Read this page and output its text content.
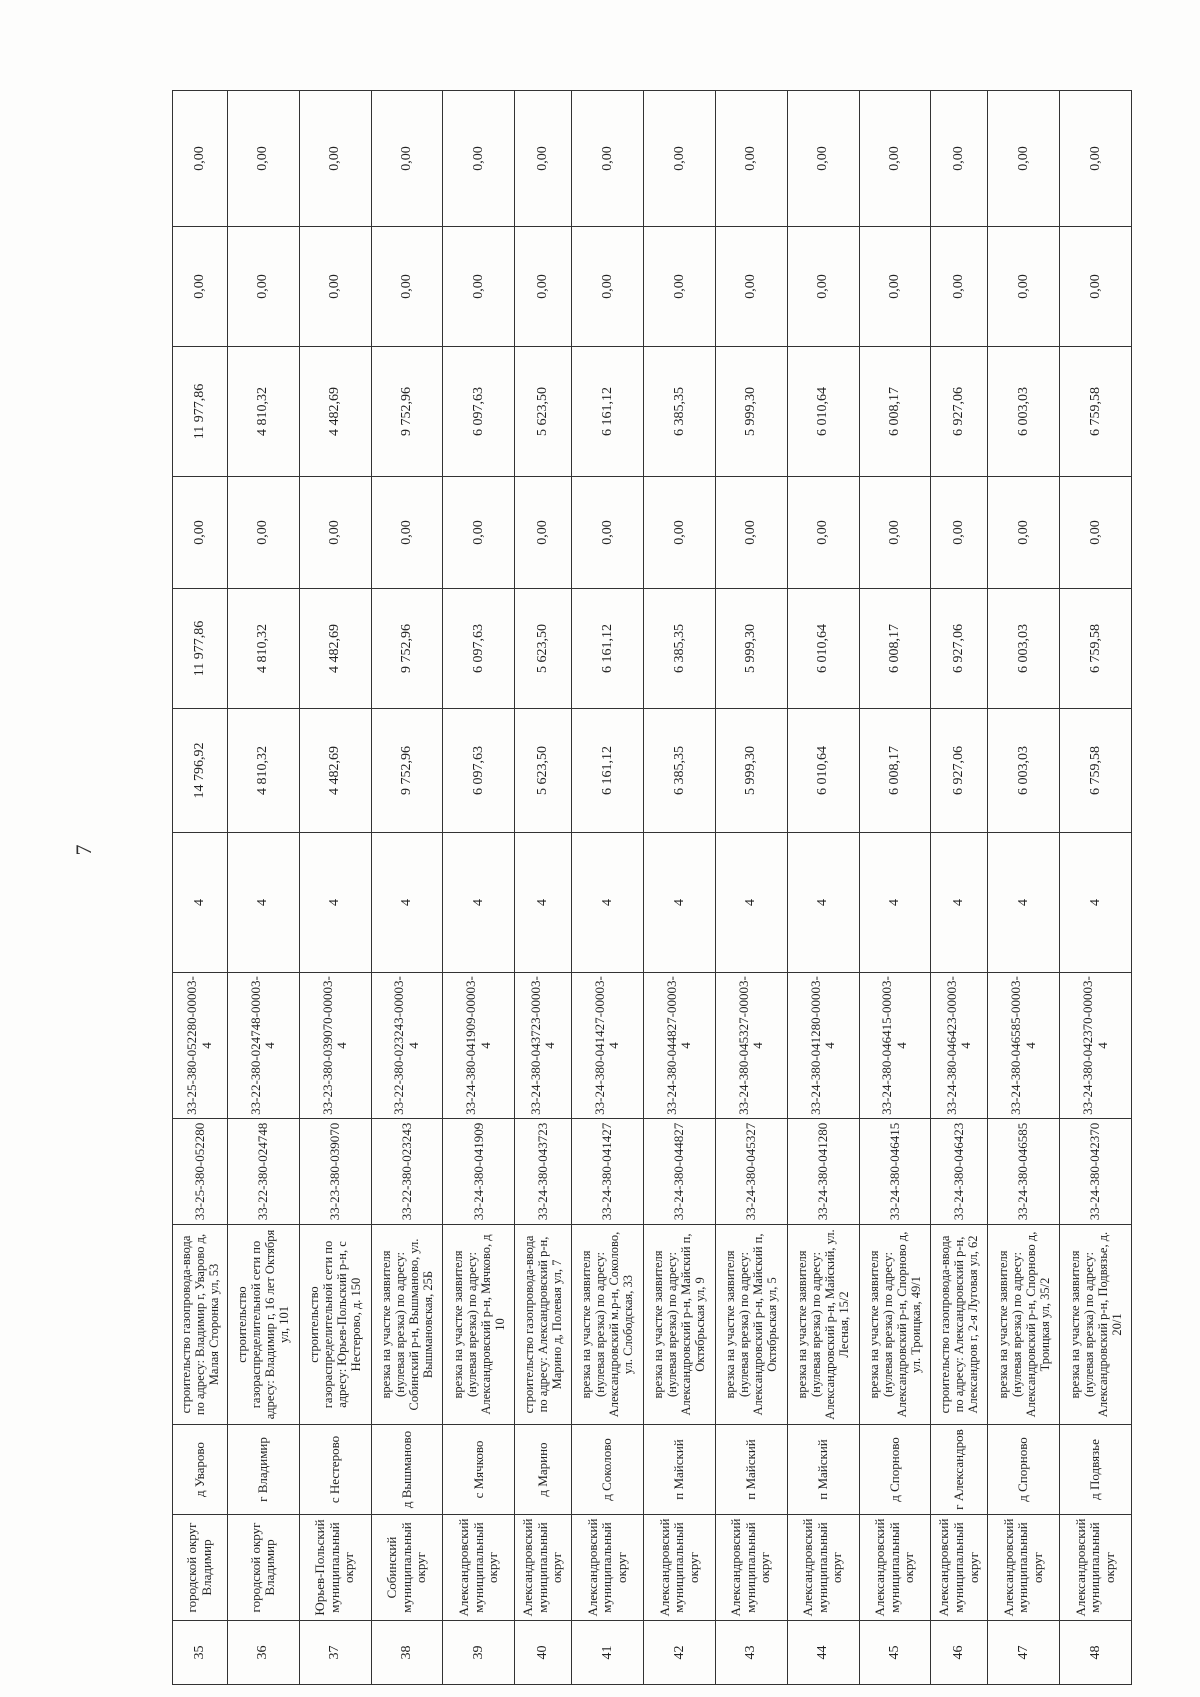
7
35	городской округ Владимир	д Уварово	строительство газопровода-ввода по адресу: Владимир г, Уварово д, Малая Сторонка ул, 53	33-25-380-052280	33-25-380-052280-00003-4	4	14 796,92	11 977,86	0,00	11 977,86	0,00	0,00
36	городской округ Владимир	г Владимир	строительство газораспределительной сети по адресу: Владимир г, 16 лет Октября ул, 101	33-22-380-024748	33-22-380-024748-00003-4	4	4 810,32	4 810,32	0,00	4 810,32	0,00	0,00
37	Юрьев-Польский муниципальный округ	с Нестерово	строительство газораспределительной сети по адресу: Юрьев-Польский р-н, с Нестерово, д. 150	33-23-380-039070	33-23-380-039070-00003-4	4	4 482,69	4 482,69	0,00	4 482,69	0,00	0,00
38	Собинский муниципальный округ	д Вышманово	врезка на участке заявителя (нулевая врезка) по адресу: Собинский р-н, Вышманово, ул. Вышмановская, 25Б	33-22-380-023243	33-22-380-023243-00003-4	4	9 752,96	9 752,96	0,00	9 752,96	0,00	0,00
39	Александровский муниципальный округ	с Мячково	врезка на участке заявителя (нулевая врезка) по адресу: Александровский р-н, Мячково, д 10	33-24-380-041909	33-24-380-041909-00003-4	4	6 097,63	6 097,63	0,00	6 097,63	0,00	0,00
40	Александровский муниципальный округ	д Марино	строительство газопровода-ввода по адресу: Александровский р-н, Марино д, Полевая ул, 7	33-24-380-043723	33-24-380-043723-00003-4	4	5 623,50	5 623,50	0,00	5 623,50	0,00	0,00
41	Александровский муниципальный округ	д Соколово	врезка на участке заявителя (нулевая врезка) по адресу: Александровский м.р-н, Соколово, ул. Слободская, 33	33-24-380-041427	33-24-380-041427-00003-4	4	6 161,12	6 161,12	0,00	6 161,12	0,00	0,00
42	Александровский муниципальный округ	п Майский	врезка на участке заявителя (нулевая врезка) по адресу: Александровский р-н, Майский п, Октябрьская ул, 9	33-24-380-044827	33-24-380-044827-00003-4	4	6 385,35	6 385,35	0,00	6 385,35	0,00	0,00
43	Александровский муниципальный округ	п Майский	врезка на участке заявителя (нулевая врезка) по адресу: Александровский р-н, Майский п, Октябрьская ул, 5	33-24-380-045327	33-24-380-045327-00003-4	4	5 999,30	5 999,30	0,00	5 999,30	0,00	0,00
44	Александровский муниципальный округ	п Майский	врезка на участке заявителя (нулевая врезка) по адресу: Александровский р-н, Майский, ул. Лесная, 15/2	33-24-380-041280	33-24-380-041280-00003-4	4	6 010,64	6 010,64	0,00	6 010,64	0,00	0,00
45	Александровский муниципальный округ	д Спорново	врезка на участке заявителя (нулевая врезка) по адресу: Александровский р-н, Спорново д, ул. Троицкая, 49/1	33-24-380-046415	33-24-380-046415-00003-4	4	6 008,17	6 008,17	0,00	6 008,17	0,00	0,00
46	Александровский муниципальный округ	г Александров	строительство газопровода-ввода по адресу: Александровский р-н, Александров г, 2-я Луговая ул, 62	33-24-380-046423	33-24-380-046423-00003-4	4	6 927,06	6 927,06	0,00	6 927,06	0,00	0,00
47	Александровский муниципальный округ	д Спорново	врезка на участке заявителя (нулевая врезка) по адресу: Александровский р-н, Спорново д, Троицкая ул, 35/2	33-24-380-046585	33-24-380-046585-00003-4	4	6 003,03	6 003,03	0,00	6 003,03	0,00	0,00
48	Александровский муниципальный округ	д Подвязье	врезка на участке заявителя (нулевая врезка) по адресу: Александровский р-н, Подвязье, д. 20/1	33-24-380-042370	33-24-380-042370-00003-4	4	6 759,58	6 759,58	0,00	6 759,58	0,00	0,00
